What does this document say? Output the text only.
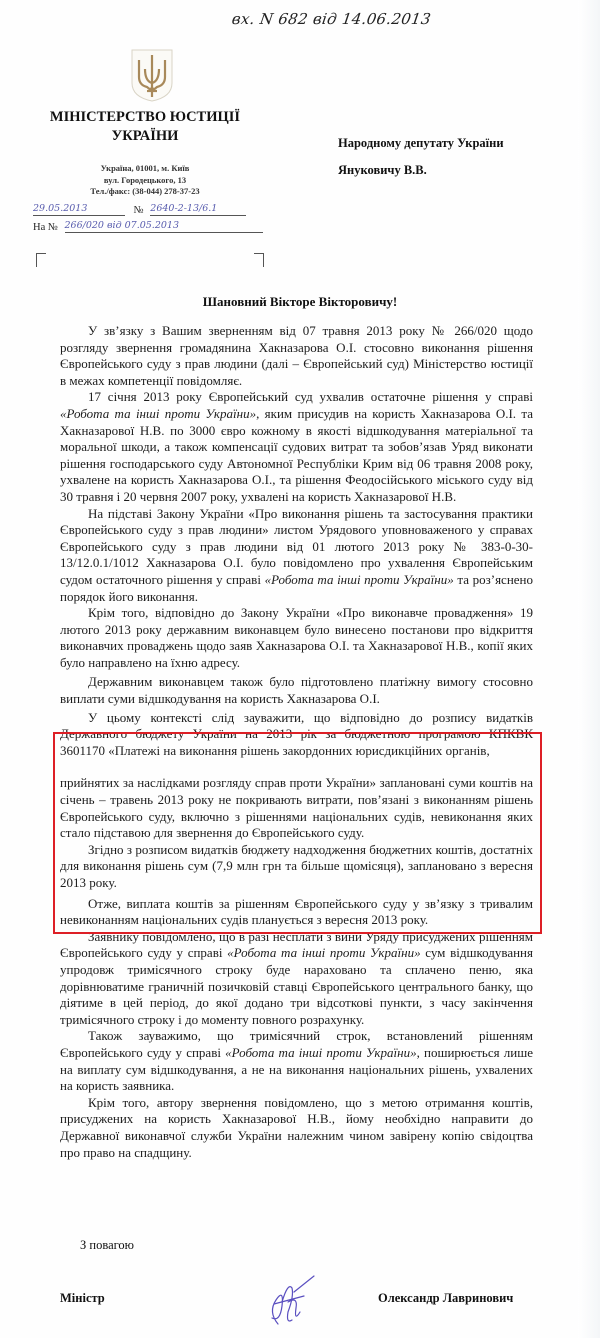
вх. N 682 від 14.06.2013
МІНІСТЕРСТВО ЮСТИЦІЇ
УКРАЇНИ
Україна, 01001, м. Київ
вул. Городецького, 13
Тел./факс: (38-044) 278-37-23
29.05.2013	№ 2640-2-13/6.1
На № 266/020 від 07.05.2013
Народному депутату України
Януковичу В.В.
Шановний Вікторе Вікторовичу!

У зв’язку з Вашим зверненням від 07 травня 2013 року № 266/020 щодо розгляду звернення громадянина Хакназарова О.І. стосовно виконання рішення Європейського суду з прав людини (далі – Європейський суд) Міністерство юстиції в межах компетенції повідомляє.

17 січня 2013 року Європейський суд ухвалив остаточне рішення у справі «Робота та інші проти України», яким присудив на користь Хакназарова О.І. та Хакназарової Н.В. по 3000 євро кожному в якості відшкодування матеріальної та моральної шкоди, а також компенсації судових витрат та зобов’язав Уряд виконати рішення господарського суду Автономної Республіки Крим від 06 травня 2008 року, ухвалене на користь Хакназарова О.І., та рішення Феодосійського міського суду від 30 травня і 20 червня 2007 року, ухвалені на користь Хакназарової Н.В.

На підставі Закону України «Про виконання рішень та застосування практики Європейського суду з прав людини» листом Урядового уповноваженого у справах Європейського суду з прав людини від 01 лютого 2013 року № 383-0-30-13/12.0.1/1012 Хакназарова О.І. було повідомлено про ухвалення Європейським судом остаточного рішення у справі «Робота та інші проти України» та роз’яснено порядок його виконання.

Крім того, відповідно до Закону України «Про виконавче провадження» 19 лютого 2013 року державним виконавцем було винесено постанови про відкриття виконавчих проваджень щодо заяв Хакназарова О.І. та Хакназарової Н.В., копії яких було направлено на їхню адресу.

Державним виконавцем також було підготовлено платіжну вимогу стосовно виплати суми відшкодування на користь Хакназарова О.І.

У цьому контексті слід зауважити, що відповідно до розпису видатків Державного бюджету України на 2013 рік за бюджетною програмою КПКВК 3601170 «Платежі на виконання рішень закордонних юрисдикційних органів,

прийнятих за наслідками розгляду справ проти України» заплановані суми коштів на січень – травень 2013 року не покривають витрати, пов’язані з виконанням рішень Європейського суду, включно з рішеннями національних судів, невиконання яких стало підставою для звернення до Європейського суду.

Згідно з розписом видатків бюджету надходження бюджетних коштів, достатніх для виконання рішень сум (7,9 млн грн та більше щомісяця), заплановано з вересня 2013 року.

Отже, виплата коштів за рішенням Європейського суду у зв’язку з тривалим невиконанням національних судів планується з вересня 2013 року.

Заявнику повідомлено, що в разі несплати з вини Уряду присуджених рішенням Європейського суду у справі «Робота та інші проти України» сум відшкодування упродовж тримісячного строку буде нараховано та сплачено пеню, яка дорівнюватиме граничній позичковій ставці Європейського центрального банку, що діятиме в цей період, до якої додано три відсоткові пункти, з часу закінчення тримісячного строку і до моменту повного розрахунку.

Також зауважимо, що тримісячний строк, встановлений рішенням Європейського суду у справі «Робота та інші проти України», поширюється лише на виплату сум відшкодування, а не на виконання національних рішень, ухвалених на користь заявника.

Крім того, автору звернення повідомлено, що з метою отримання коштів, присуджених на користь Хакназарової Н.В., йому необхідно направити до Державної виконавчої служби України належним чином завірену копію свідоцтва про право на спадщину.

З повагою
Міністр	Олександр Лавринович
